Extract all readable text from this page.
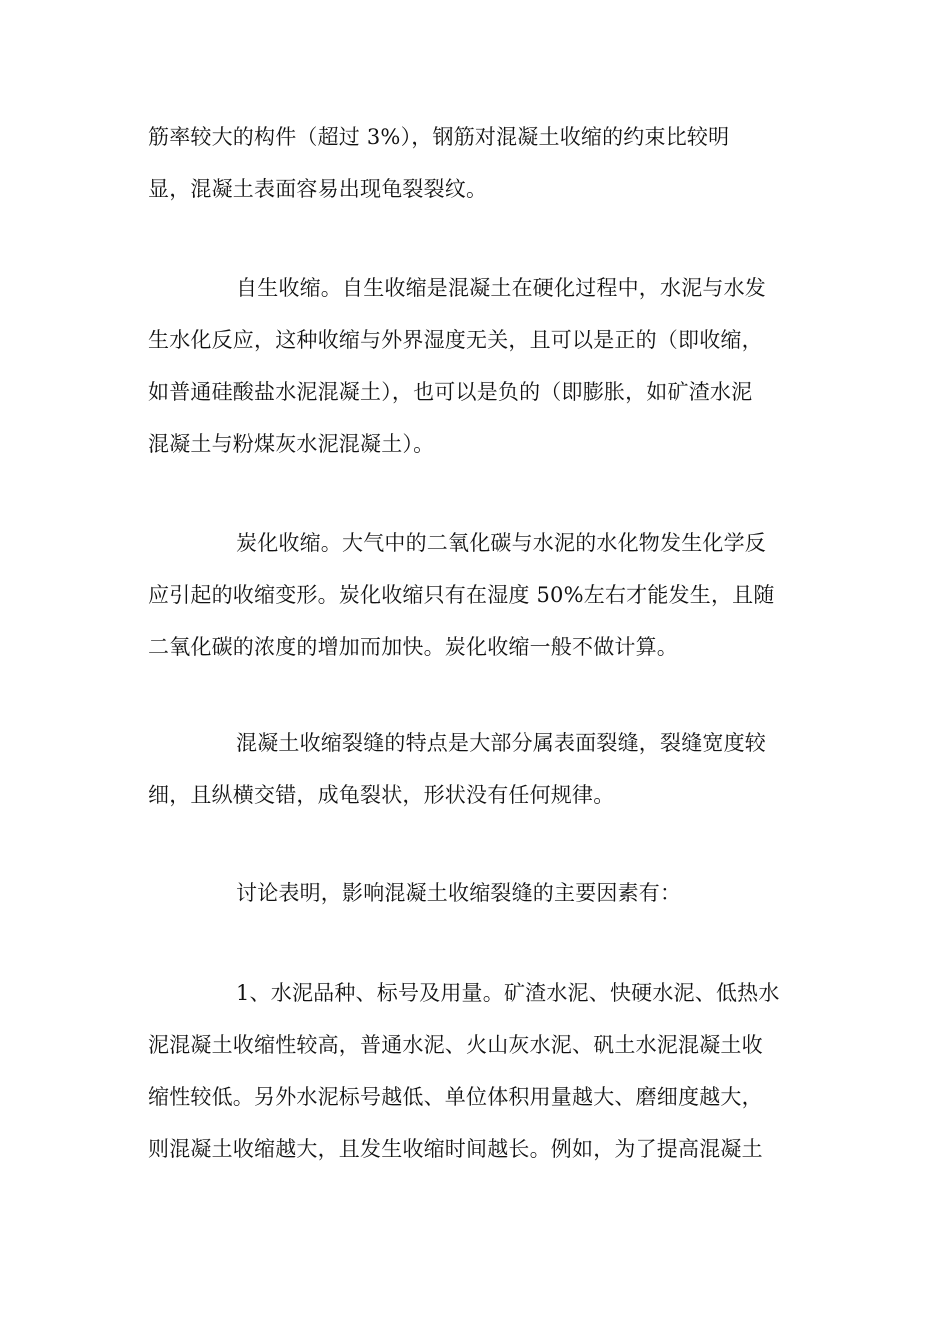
筋率较大的构件（超过 3%），钢筋对混凝土收缩的约束比较明
显，混凝土表面容易出现龟裂裂纹。

自生收缩。自生收缩是混凝土在硬化过程中，水泥与水发
生水化反应，这种收缩与外界湿度无关，且可以是正的（即收缩，
如普通硅酸盐水泥混凝土），也可以是负的（即膨胀，如矿渣水泥
混凝土与粉煤灰水泥混凝土）。

炭化收缩。大气中的二氧化碳与水泥的水化物发生化学反
应引起的收缩变形。炭化收缩只有在湿度 50%左右才能发生，且随
二氧化碳的浓度的增加而加快。炭化收缩一般不做计算。

混凝土收缩裂缝的特点是大部分属表面裂缝，裂缝宽度较
细，且纵横交错，成龟裂状，形状没有任何规律。

讨论表明，影响混凝土收缩裂缝的主要因素有：

1、水泥品种、标号及用量。矿渣水泥、快硬水泥、低热水
泥混凝土收缩性较高，普通水泥、火山灰水泥、矾土水泥混凝土收
缩性较低。另外水泥标号越低、单位体积用量越大、磨细度越大，
则混凝土收缩越大，且发生收缩时间越长。例如，为了提高混凝土
